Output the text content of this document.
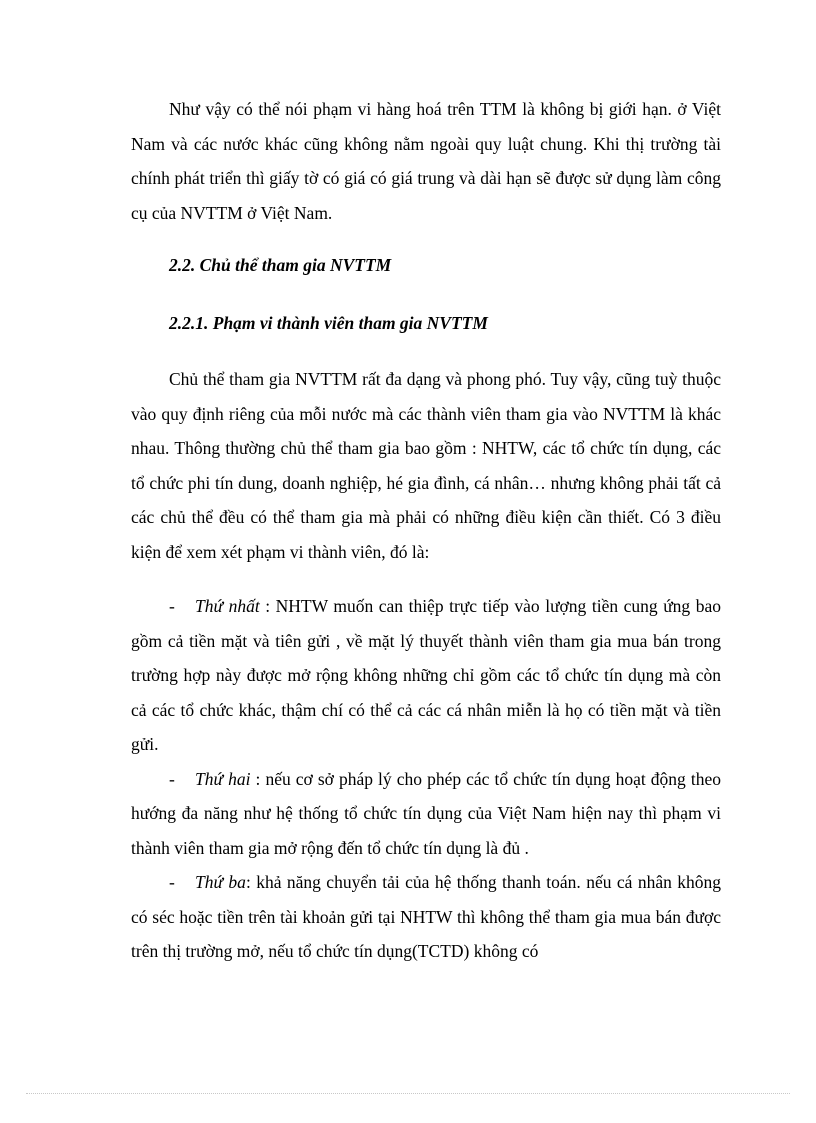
Như vậy có thể nói phạm vi hàng hoá trên TTM là không bị giới hạn. ở Việt Nam và các nước khác cũng không nằm ngoài quy luật chung. Khi thị trường tài chính phát triển thì giấy tờ có giá có giá trung và dài hạn sẽ được sử dụng làm công cụ của NVTTM ở Việt Nam.

2.2. Chủ thể tham gia NVTTM

2.2.1. Phạm vi thành viên tham gia NVTTM

Chủ thể tham gia NVTTM rất đa dạng và phong phó. Tuy vậy, cũng tuỳ thuộc vào quy định riêng của mỗi nước mà các thành viên tham gia vào NVTTM là khác nhau. Thông thường chủ thể tham gia bao gồm : NHTW, các tổ chức tín dụng, các tổ chức phi tín dung, doanh nghiệp, hé gia đình, cá nhân… nhưng không phải tất cả các chủ thể đều có thể tham gia mà phải có những điều kiện cần thiết. Có 3 điều kiện để xem xét phạm vi thành viên, đó là:

- Thứ nhất : NHTW muốn can thiệp trực tiếp vào lượng tiền cung ứng bao gồm cả tiền mặt và tiên gửi , về mặt lý thuyết thành viên tham gia mua bán trong trường hợp này được mở rộng không những chỉ gồm các tổ chức tín dụng mà còn cả các tổ chức khác, thậm chí có thể cả các cá nhân miễn là họ có tiền mặt và tiền gửi.

- Thứ hai : nếu cơ sở pháp lý cho phép các tổ chức tín dụng hoạt động theo hướng đa năng như hệ thống tổ chức tín dụng của Việt Nam hiện nay thì phạm vi thành viên tham gia mở rộng đến tổ chức tín dụng là đủ .

- Thứ ba: khả năng chuyển tải của hệ thống thanh toán. nếu cá nhân không có séc hoặc tiền trên tài khoản gửi tại NHTW thì không thể tham gia mua bán được trên thị trường mở, nếu tổ chức tín dụng(TCTD) không có
